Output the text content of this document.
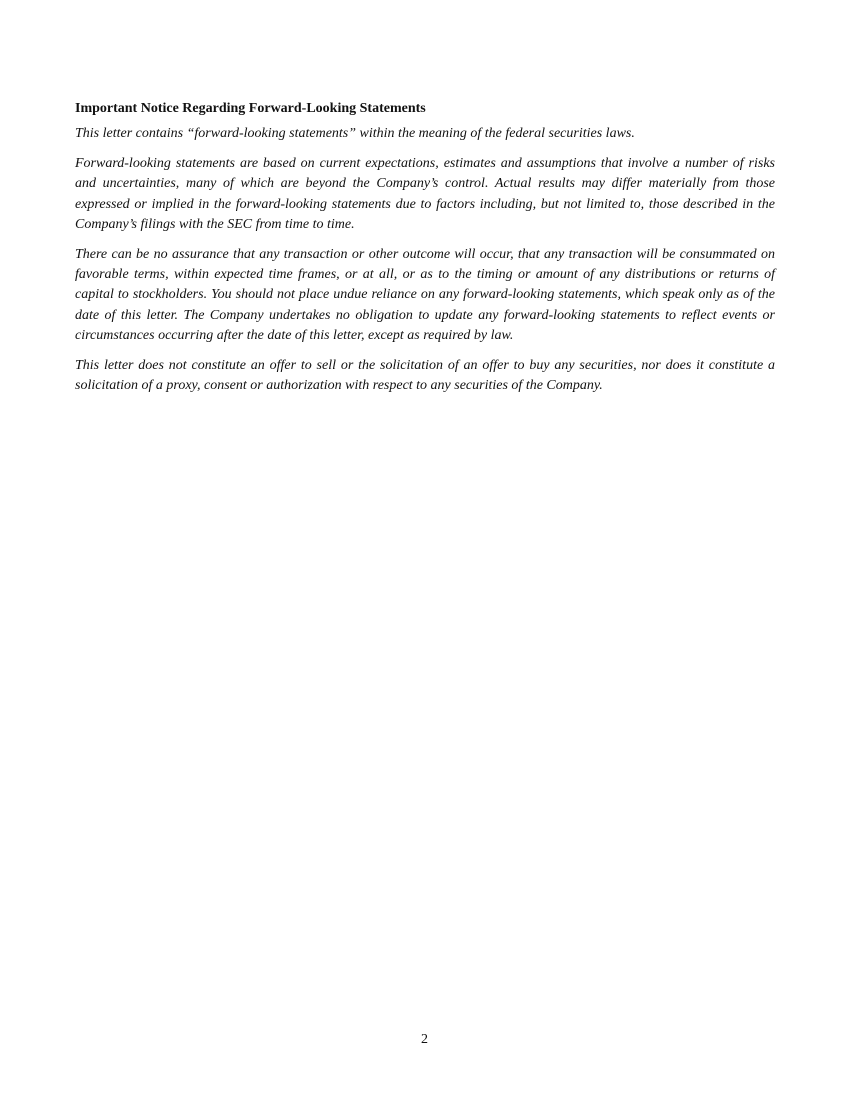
Important Notice Regarding Forward-Looking Statements

This letter contains “forward-looking statements” within the meaning of the federal securities laws.

Forward-looking statements are based on current expectations, estimates and assumptions that involve a number of risks and uncertainties, many of which are beyond the Company’s control. Actual results may differ materially from those expressed or implied in the forward-looking statements due to factors including, but not limited to, those described in the Company’s filings with the SEC from time to time.

There can be no assurance that any transaction or other outcome will occur, that any transaction will be consummated on favorable terms, within expected time frames, or at all, or as to the timing or amount of any distributions or returns of capital to stockholders. You should not place undue reliance on any forward-looking statements, which speak only as of the date of this letter. The Company undertakes no obligation to update any forward-looking statements to reflect events or circumstances occurring after the date of this letter, except as required by law.

This letter does not constitute an offer to sell or the solicitation of an offer to buy any securities, nor does it constitute a solicitation of a proxy, consent or authorization with respect to any securities of the Company.

2
